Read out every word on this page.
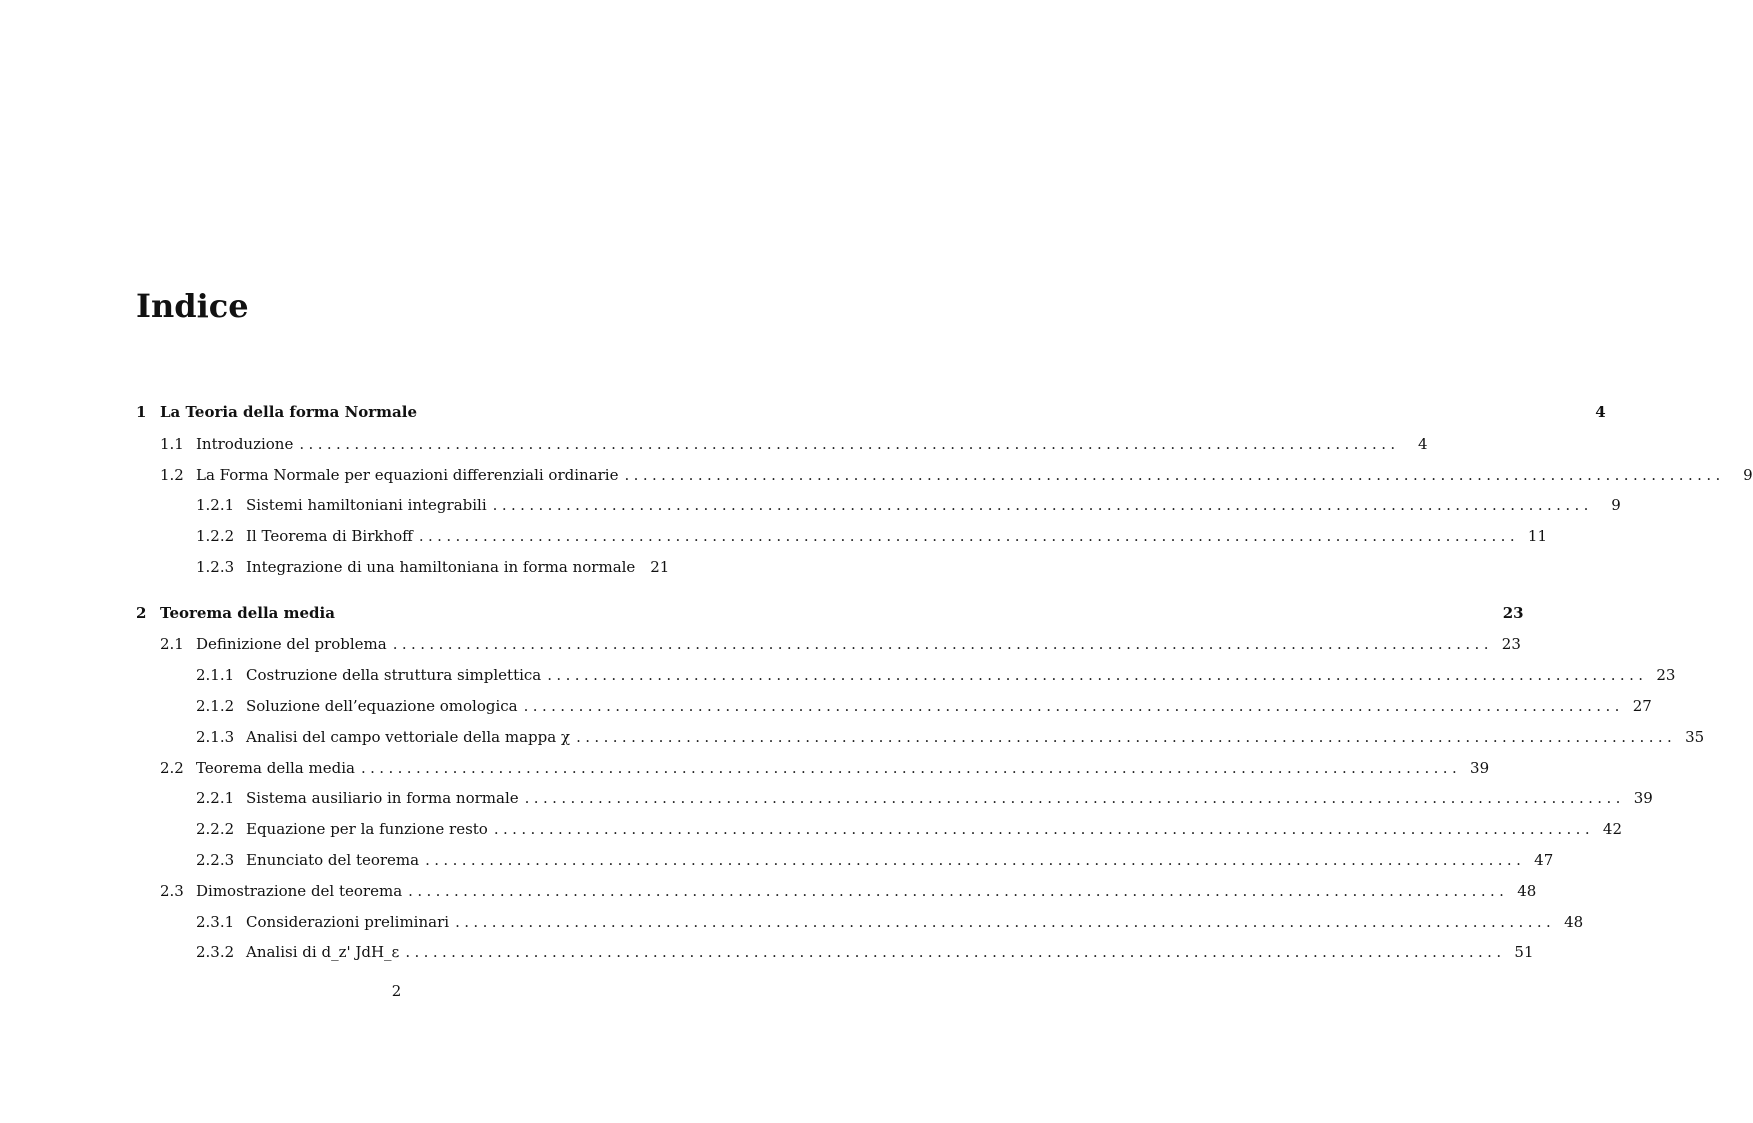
Indice
1 La Teoria della forma Normale	4
1.1 Introduzione ........................................................................................................................	4
1.2 La Forma Normale per equazioni differenziali ordinarie ........................................................................................................................	9
1.2.1 Sistemi hamiltoniani integrabili ........................................................................................................................	9
1.2.2 Il Teorema di Birkhoff ........................................................................................................................ 11
1.2.3 Integrazione di una hamiltoniana in forma normale 21
2 Teorema della media	23
2.1 Definizione del problema ........................................................................................................................ 23
2.1.1 Costruzione della struttura simplettica ........................................................................................................................ 23
2.1.2 Soluzione dell’equazione omologica ........................................................................................................................ 27
2.1.3 Analisi del campo vettoriale della mappa χ ........................................................................................................................ 35
2.2 Teorema della media ........................................................................................................................ 39
2.2.1 Sistema ausiliario in forma normale ........................................................................................................................ 39
2.2.2 Equazione per la funzione resto ........................................................................................................................ 42
2.2.3 Enunciato del teorema ........................................................................................................................ 47
2.3 Dimostrazione del teorema ........................................................................................................................ 48
2.3.1 Considerazioni preliminari ........................................................................................................................ 48
2.3.2 Analisi di d_z' JdH_ε ........................................................................................................................ 51
2
